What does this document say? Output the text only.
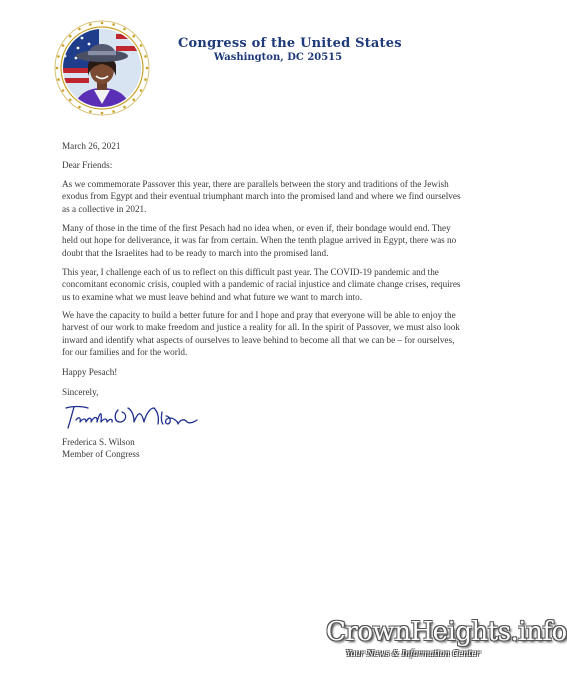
Congress of the United States
Washington, DC 20515
March 26, 2021
Dear Friends:

As we commemorate Passover this year, there are parallels between the story and traditions of the Jewish exodus from Egypt and their eventual triumphant march into the promised land and where we find ourselves as a collective in 2021.

Many of those in the time of the first Pesach had no idea when, or even if, their bondage would end. They held out hope for deliverance, it was far from certain. When the tenth plague arrived in Egypt, there was no doubt that the Israelites had to be ready to march into the promised land.

This year, I challenge each of us to reflect on this difficult past year. The COVID-19 pandemic and the concomitant economic crisis, coupled with a pandemic of racial injustice and climate change crises, requires us to examine what we must leave behind and what future we want to march into.

We have the capacity to build a better future for and I hope and pray that everyone will be able to enjoy the harvest of our work to make freedom and justice a reality for all. In the spirit of Passover, we must also look inward and identify what aspects of ourselves to leave behind to become all that we can be – for ourselves, for our families and for the world.

Happy Pesach!

Sincerely,
Frederica S. Wilson
Member of Congress
CrownHeights.info
Your News & Information Center
